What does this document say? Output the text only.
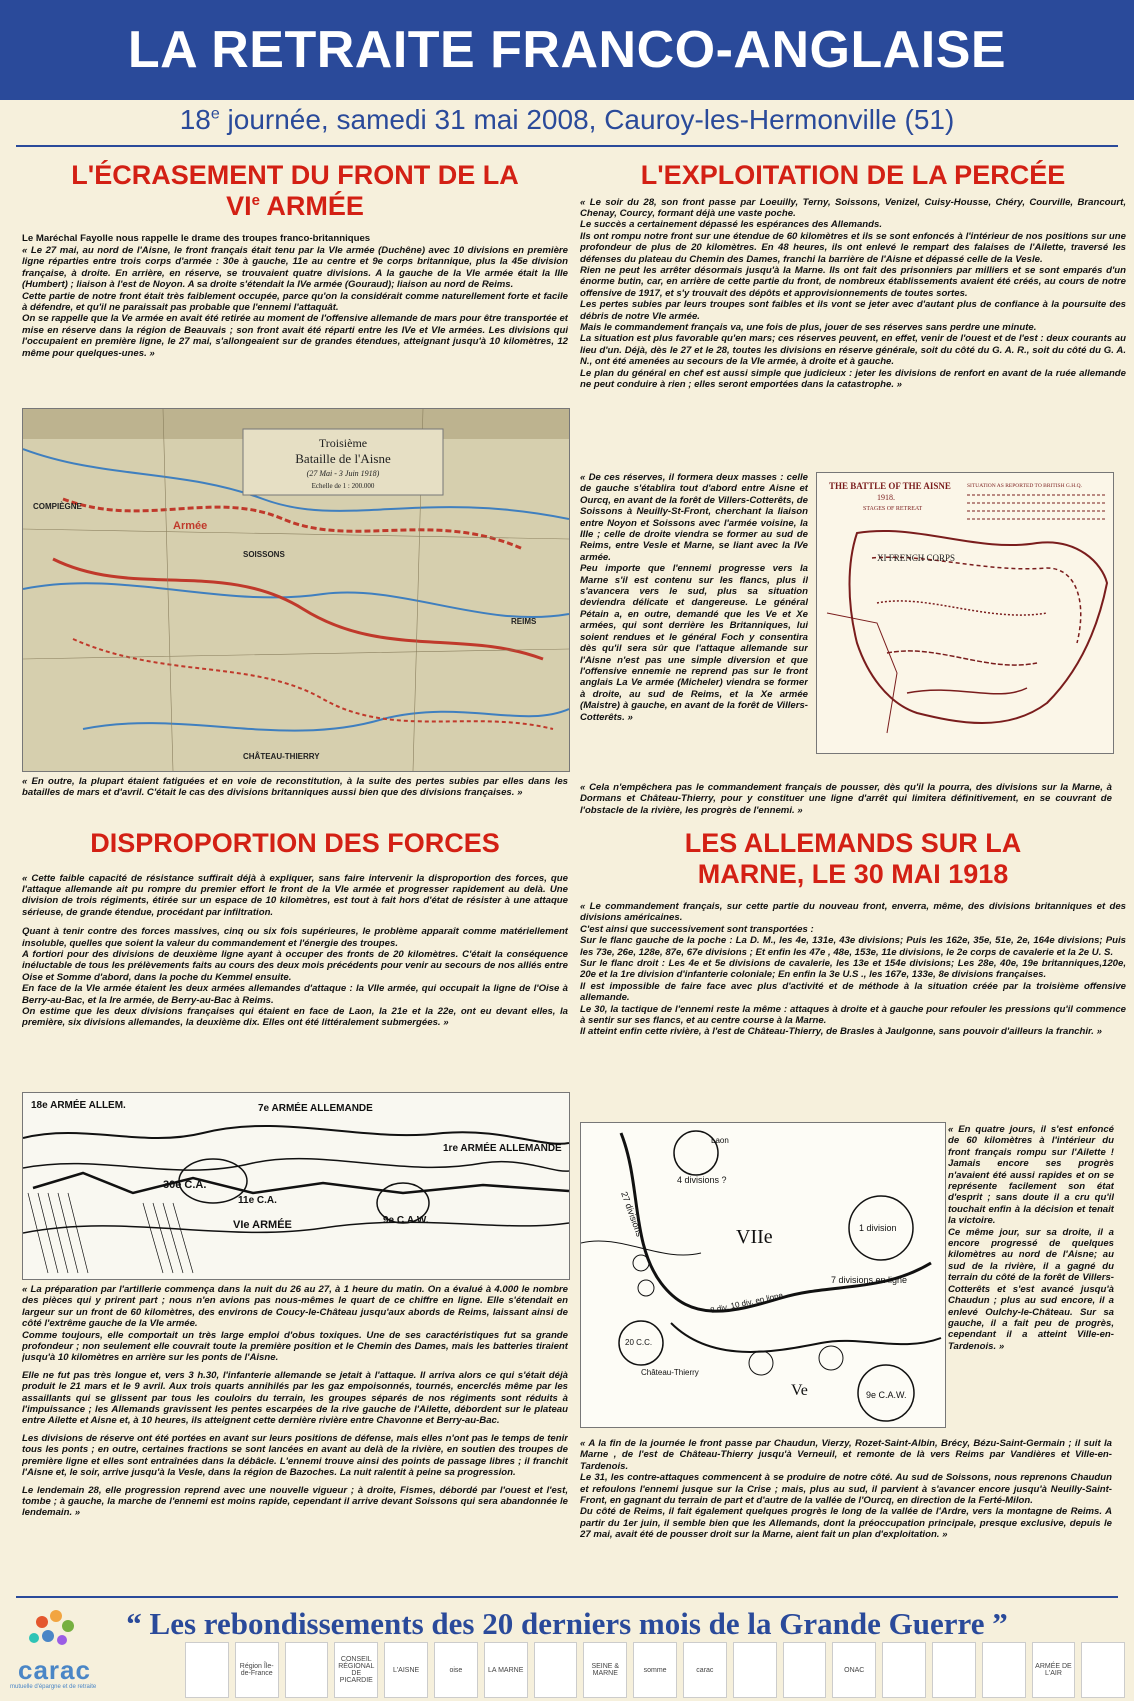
LA RETRAITE FRANCO-ANGLAISE
18e journée, samedi 31 mai 2008, Cauroy-les-Hermonville (51)
L'ÉCRASEMENT DU FRONT DE LA
VIe ARMÉE
Le Maréchal Fayolle nous rappelle le drame des troupes franco-britanniques

« Le 27 mai, au nord de l'Aisne, le front français était tenu par la VIe armée (Duchêne) avec 10 divisions en première ligne réparties entre trois corps d'armée : 30e à gauche, 11e au centre et 9e corps britannique, plus la 45e division française, à droite. En arrière, en réserve, se trouvaient quatre divisions. A la gauche de la VIe armée était la IIIe (Humbert) ; liaison à l'est de Noyon. A sa droite s'étendait la IVe armée (Gouraud); liaison au nord de Reims.

Cette partie de notre front était très faiblement occupée, parce qu'on la considérait comme naturellement forte et facile à défendre, et qu'il ne paraissait pas probable que l'ennemi l'attaquât.

On se rappelle que la Ve armée en avait été retirée au moment de l'offensive allemande de mars pour être transportée et mise en réserve dans la région de Beauvais ; son front avait été réparti entre les IVe et VIe armées. Les divisions qui l'occupaient en première ligne, le 27 mai, s'allongeaient sur de grandes étendues, atteignant jusqu'à 10 kilomètres, 12 même pour quelques-unes. »

Troisième
Bataille de l'Aisne
(27 Mai - 3 Juin 1918)
Echelle de 1 : 200.000
COMPIÈGNE
SOISSONS
REIMS
CHÂTEAU-THIERRY
Armée
« En outre, la plupart étaient fatiguées et en voie de reconstitution, à la suite des pertes subies par elles dans les batailles de mars et d'avril. C'était le cas des divisions britanniques aussi bien que des divisions françaises. »
L'EXPLOITATION DE LA PERCÉE

« Le soir du 28, son front passe par Loeuilly, Terny, Soissons, Venizel, Cuisy-Housse, Chéry, Courville, Brancourt, Chenay, Courcy, formant déjà une vaste poche.

Le succès a certainement dépassé les espérances des Allemands.

Ils ont rompu notre front sur une étendue de 60 kilomètres et ils se sont enfoncés à l'intérieur de nos positions sur une profondeur de plus de 20 kilomètres. En 48 heures, ils ont enlevé le rempart des falaises de l'Ailette, traversé les défenses du plateau du Chemin des Dames, franchi la barrière de l'Aisne et dépassé celle de la Vesle.

Rien ne peut les arrêter désormais jusqu'à la Marne. Ils ont fait des prisonniers par milliers et se sont emparés d'un énorme butin, car, en arrière de cette partie du front, de nombreux établissements avaient été créés, au cours de notre offensive de 1917, et s'y trouvait des dépôts et approvisionnements de toutes sortes.

Les pertes subies par leurs troupes sont faibles et ils vont se jeter avec d'autant plus de confiance à la poursuite des débris de notre VIe armée.

Mais le commandement français va, une fois de plus, jouer de ses réserves sans perdre une minute.

La situation est plus favorable qu'en mars; ces réserves peuvent, en effet, venir de l'ouest et de l'est : deux courants au lieu d'un. Déjà, dès le 27 et le 28, toutes les divisions en réserve générale, soit du côté du G. A. R., soit du côté du G. A. N., ont été amenées au secours de la VIe armée, à droite et à gauche.

Le plan du général en chef est aussi simple que judicieux : jeter les divisions de renfort en avant de la ruée allemande ne peut conduire à rien ; elles seront emportées dans la catastrophe. »

« De ces réserves, il formera deux masses : celle de gauche s'établira tout d'abord entre Aisne et Ourcq, en avant de la forêt de Villers-Cotterêts, de Soissons à Neuilly-St-Front, cherchant la liaison entre Noyon et Soissons avec l'armée voisine, la IIIe ; celle de droite viendra se former au sud de Reims, entre Vesle et Marne, se liant avec la IVe armée.

Peu importe que l'ennemi progresse vers la Marne s'il est contenu sur les flancs, plus il s'avancera vers le sud, plus sa situation deviendra délicate et dangereuse. Le général Pétain a, en outre, demandé que les Ve et Xe armées, qui sont derrière les Britanniques, lui soient rendues et le général Foch y consentira dès qu'il sera sûr que l'attaque allemande sur l'Aisne n'est pas une simple diversion et que l'offensive ennemie ne reprend pas sur le front anglais La Ve armée (Micheler) viendra se former à droite, au sud de Reims, et la Xe armée (Maistre) à gauche, en avant de la forêt de Villers-Cotterêts. »

THE BATTLE OF THE AISNE
1918.
STAGES OF RETREAT
SITUATION AS REPORTED TO BRITISH G.H.Q.
XI FRENCH CORPS
« Cela n'empêchera pas le commandement français de pousser, dès qu'il la pourra, des divisions sur la Marne, à Dormans et Château-Thierry, pour y constituer une ligne d'arrêt qui limitera définitivement, en se couvrant de l'obstacle de la rivière, les progrès de l'ennemi. »
DISPROPORTION DES FORCES

« Cette faible capacité de résistance suffirait déjà à expliquer, sans faire intervenir la disproportion des forces, que l'attaque allemande ait pu rompre du premier effort le front de la VIe armée et progresser rapidement au delà. Une division de trois régiments, étirée sur un espace de 10 kilomètres, est tout à fait hors d'état de résister à une attaque sérieuse, de grande étendue, procédant par infiltration.

Quant à tenir contre des forces massives, cinq ou six fois supérieures, le problème apparaît comme matériellement insoluble, quelles que soient la valeur du commandement et l'énergie des troupes.

A fortiori pour des divisions de deuxième ligne ayant à occuper des fronts de 20 kilomètres. C'était la conséquence inéluctable de tous les prélèvements faits au cours des deux mois précédents pour venir au secours de nos alliés entre Oise et Somme d'abord, dans la poche du Kemmel ensuite.

En face de la VIe armée étaient les deux armées allemandes d'attaque : la VIIe armée, qui occupait la ligne de l'Oise à Berry-au-Bac, et la Ire armée, de Berry-au-Bac à Reims.

On estime que les deux divisions françaises qui étaient en face de Laon, la 21e et la 22e, ont eu devant elles, la première, six divisions allemandes, la deuxième dix. Elles ont été littéralement submergées. »

18e ARMÉE ALLEM.	7e ARMÉE ALLEMANDE
1re ARMÉE ALLEMANDE
30e C.A.
11e C.A.
VIe ARMÉE	9e C.A.W.

« La préparation par l'artillerie commença dans la nuit du 26 au 27, à 1 heure du matin. On a évalué à 4.000 le nombre des pièces qui y prirent part ; nous n'en avions pas nous-mêmes le quart de ce chiffre en ligne. Elle s'étendait en largeur sur un front de 60 kilomètres, des environs de Coucy-le-Château jusqu'aux abords de Reims, laissant ainsi de côté l'extrême gauche de la VIe armée.

Comme toujours, elle comportait un très large emploi d'obus toxiques. Une de ses caractéristiques fut sa grande profondeur ; non seulement elle couvrait toute la première position et le Chemin des Dames, mais les batteries tiraient jusqu'à 10 kilomètres en arrière sur les ponts de l'Aisne.

Elle ne fut pas très longue et, vers 3 h.30, l'infanterie allemande se jetait à l'attaque. Il arriva alors ce qui s'était déjà produit le 21 mars et le 9 avril. Aux trois quarts annihilés par les gaz empoisonnés, tournés, encerclés même par les assaillants qui se glissent par tous les couloirs du terrain, les groupes séparés de nos régiments sont réduits à l'impuissance ; les Allemands gravissent les pentes escarpées de la rive gauche de l'Ailette, débordent sur le plateau entre Ailette et Aisne et, à 10 heures, ils atteignent cette dernière rivière entre Chavonne et Berry-au-Bac.

Les divisions de réserve ont été portées en avant sur leurs positions de défense, mais elles n'ont pas le temps de tenir tous les ponts ; en outre, certaines fractions se sont lancées en avant au delà de la rivière, en soutien des troupes de première ligne et elles sont entraînées dans la débâcle. L'ennemi trouve ainsi des points de passage libres ; il franchit l'Aisne et, le soir, arrive jusqu'à la Vesle, dans la région de Bazoches. La nuit ralentit à peine sa progression.

Le lendemain 28, elle progression reprend avec une nouvelle vigueur ; à droite, Fismes, débordé par l'ouest et l'est, tombe ; à gauche, la marche de l'ennemi est moins rapide, cependant il arrive devant Soissons qui sera abandonnée le lendemain. »

LES ALLEMANDS SUR LA
MARNE, LE 30 MAI 1918

« Le commandement français, sur cette partie du nouveau front, enverra, même, des divisions britanniques et des divisions américaines.

C'est ainsi que successivement sont transportées :

Sur le flanc gauche de la poche : La D. M., les 4e, 131e, 43e divisions; Puis les 162e, 35e, 51e, 2e, 164e divisions; Puis les 73e, 26e, 128e, 87e, 67e divisions ; Et enfin les 47e , 48e, 153e, 11e divisions, le 2e corps de cavalerie et la 2e U. S.

Sur le flanc droit : Les 4e et 5e divisions de cavalerie, les 13e et 154e divisions; Les 28e, 40e, 19e britanniques,120e, 20e et la 1re division d'infanterie coloniale; En enfin la 3e U.S ., les 167e, 133e, 8e divisions françaises.

Il est impossible de faire face avec plus d'activité et de méthode à la situation créée par la troisième offensive allemande.

Le 30, la tactique de l'ennemi reste la même : attaques à droite et à gauche pour refouler les pressions qu'il commence à sentir sur ses flancs, et au centre course à la Marne.

Il atteint enfin cette rivière, à l'est de Château-Thierry, de Brasles à Jaulgonne, sans pouvoir d'ailleurs la franchir. »

Laon
4 divisions ?
VIIe	1 division
7 divisions en ligne
20 C.C.
Château-Thierry
Ve	9e C.A.W.
27 divisions
8 div. 10 div. en ligne

« En quatre jours, il s'est enfoncé de 60 kilomètres à l'intérieur du front français rompu sur l'Ailette ! Jamais encore ses progrès n'avaient été aussi rapides et on se représente facilement son état d'esprit ; sans doute il a cru qu'il touchait enfin à la décision et tenait la victoire.

Ce même jour, sur sa droite, il a encore progressé de quelques kilomètres au nord de l'Aisne; au sud de la rivière, il a gagné du terrain du côté de la forêt de Villers-Cotterêts et s'est avancé jusqu'à Chaudun ; plus au sud encore, il a enlevé Oulchy-le-Château. Sur sa gauche, il a fait peu de progrès, cependant il a atteint Ville-en-Tardenois. »

« A la fin de la journée le front passe par Chaudun, Vierzy, Rozet-Saint-Albin, Brécy, Bézu-Saint-Germain ; il suit la Marne , de l'est de Château-Thierry jusqu'à Verneuil, et remonte de là vers Reims par Vandières et Ville-en-Tardenois.

Le 31, les contre-attaques commencent à se produire de notre côté. Au sud de Soissons, nous reprenons Chaudun et refoulons l'ennemi jusque sur la Crise ; mais, plus au sud, il parvient à s'avancer encore jusqu'à Neuilly-Saint-Front, en gagnant du terrain de part et d'autre de la vallée de l'Ourcq, en direction de la Ferté-Milon.

Du côté de Reims, il fait également quelques progrès le long de la vallée de l'Ardre, vers la montagne de Reims. A partir du 1er juin, il semble bien que les Allemands, dont la préoccupation principale, presque exclusive, depuis le 27 mai, avait été de pousser droit sur la Marne, aient fait un plan d'exploitation. »

“ Les rebondissements des 20 derniers mois de la Grande Guerre ”
carac
mutuelle d'épargne et de retraite
Région Île-de-France
CONSEIL RÉGIONAL DE PICARDIE
L'AISNE	oise	LA MARNE	SEINE & MARNE	somme	carac	ONAC	ARMÉE DE L'AIR
